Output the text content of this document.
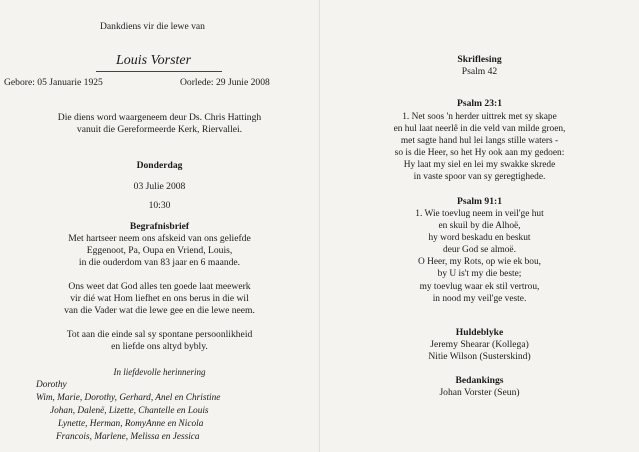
Dankdiens vir die lewe van
Louis Vorster
Gebore: 05 Januarie 1925	Oorlede: 29 Junie 2008
Die diens word waargeneem deur Ds. Chris Hattingh
vanuit die Gereformeerde Kerk, Riervallei.
Donderdag
03 Julie 2008
10:30
Begrafnisbrief
Met hartseer neem ons afskeid van ons geliefde
Eggenoot, Pa, Oupa en Vriend, Louis,
in die ouderdom van 83 jaar en 6 maande.
Ons weet dat God alles ten goede laat meewerk
vir dié wat Hom liefhet en ons berus in die wil
van die Vader wat die lewe gee en die lewe neem.
Tot aan die einde sal sy spontane persoonlikheid
en liefde ons altyd bybly.
In liefdevolle herinnering
Dorothy
Wim, Marie, Dorothy, Gerhard, Anel en Christine
Johan, Dalenë, Lizette, Chantelle en Louis
Lynette, Herman, RomyAnne en Nicola
Francois, Marlene, Melissa en Jessica
Skriflesing
Psalm 42
Psalm 23:1
1. Net soos 'n herder uittrek met sy skape
en hul laat neerlê in die veld van milde groen,
met sagte hand hul lei langs stille waters -
so is die Heer, so het Hy ook aan my gedoen:
Hy laat my siel en lei my swakke skrede
in vaste spoor van sy geregtighede.
Psalm 91:1
1. Wie toevlug neem in veil'ge hut
en skuil by die Alhoë,
hy word beskadu en beskut
deur God se almoë.
O Heer, my Rots, op wie ek bou,
by U is't my die beste;
my toevlug waar ek stil vertrou,
in nood my veil'ge veste.
Huldeblyke
Jeremy Shearar (Kollega)
Nitie Wilson (Susterskind)
Bedankings
Johan Vorster (Seun)
